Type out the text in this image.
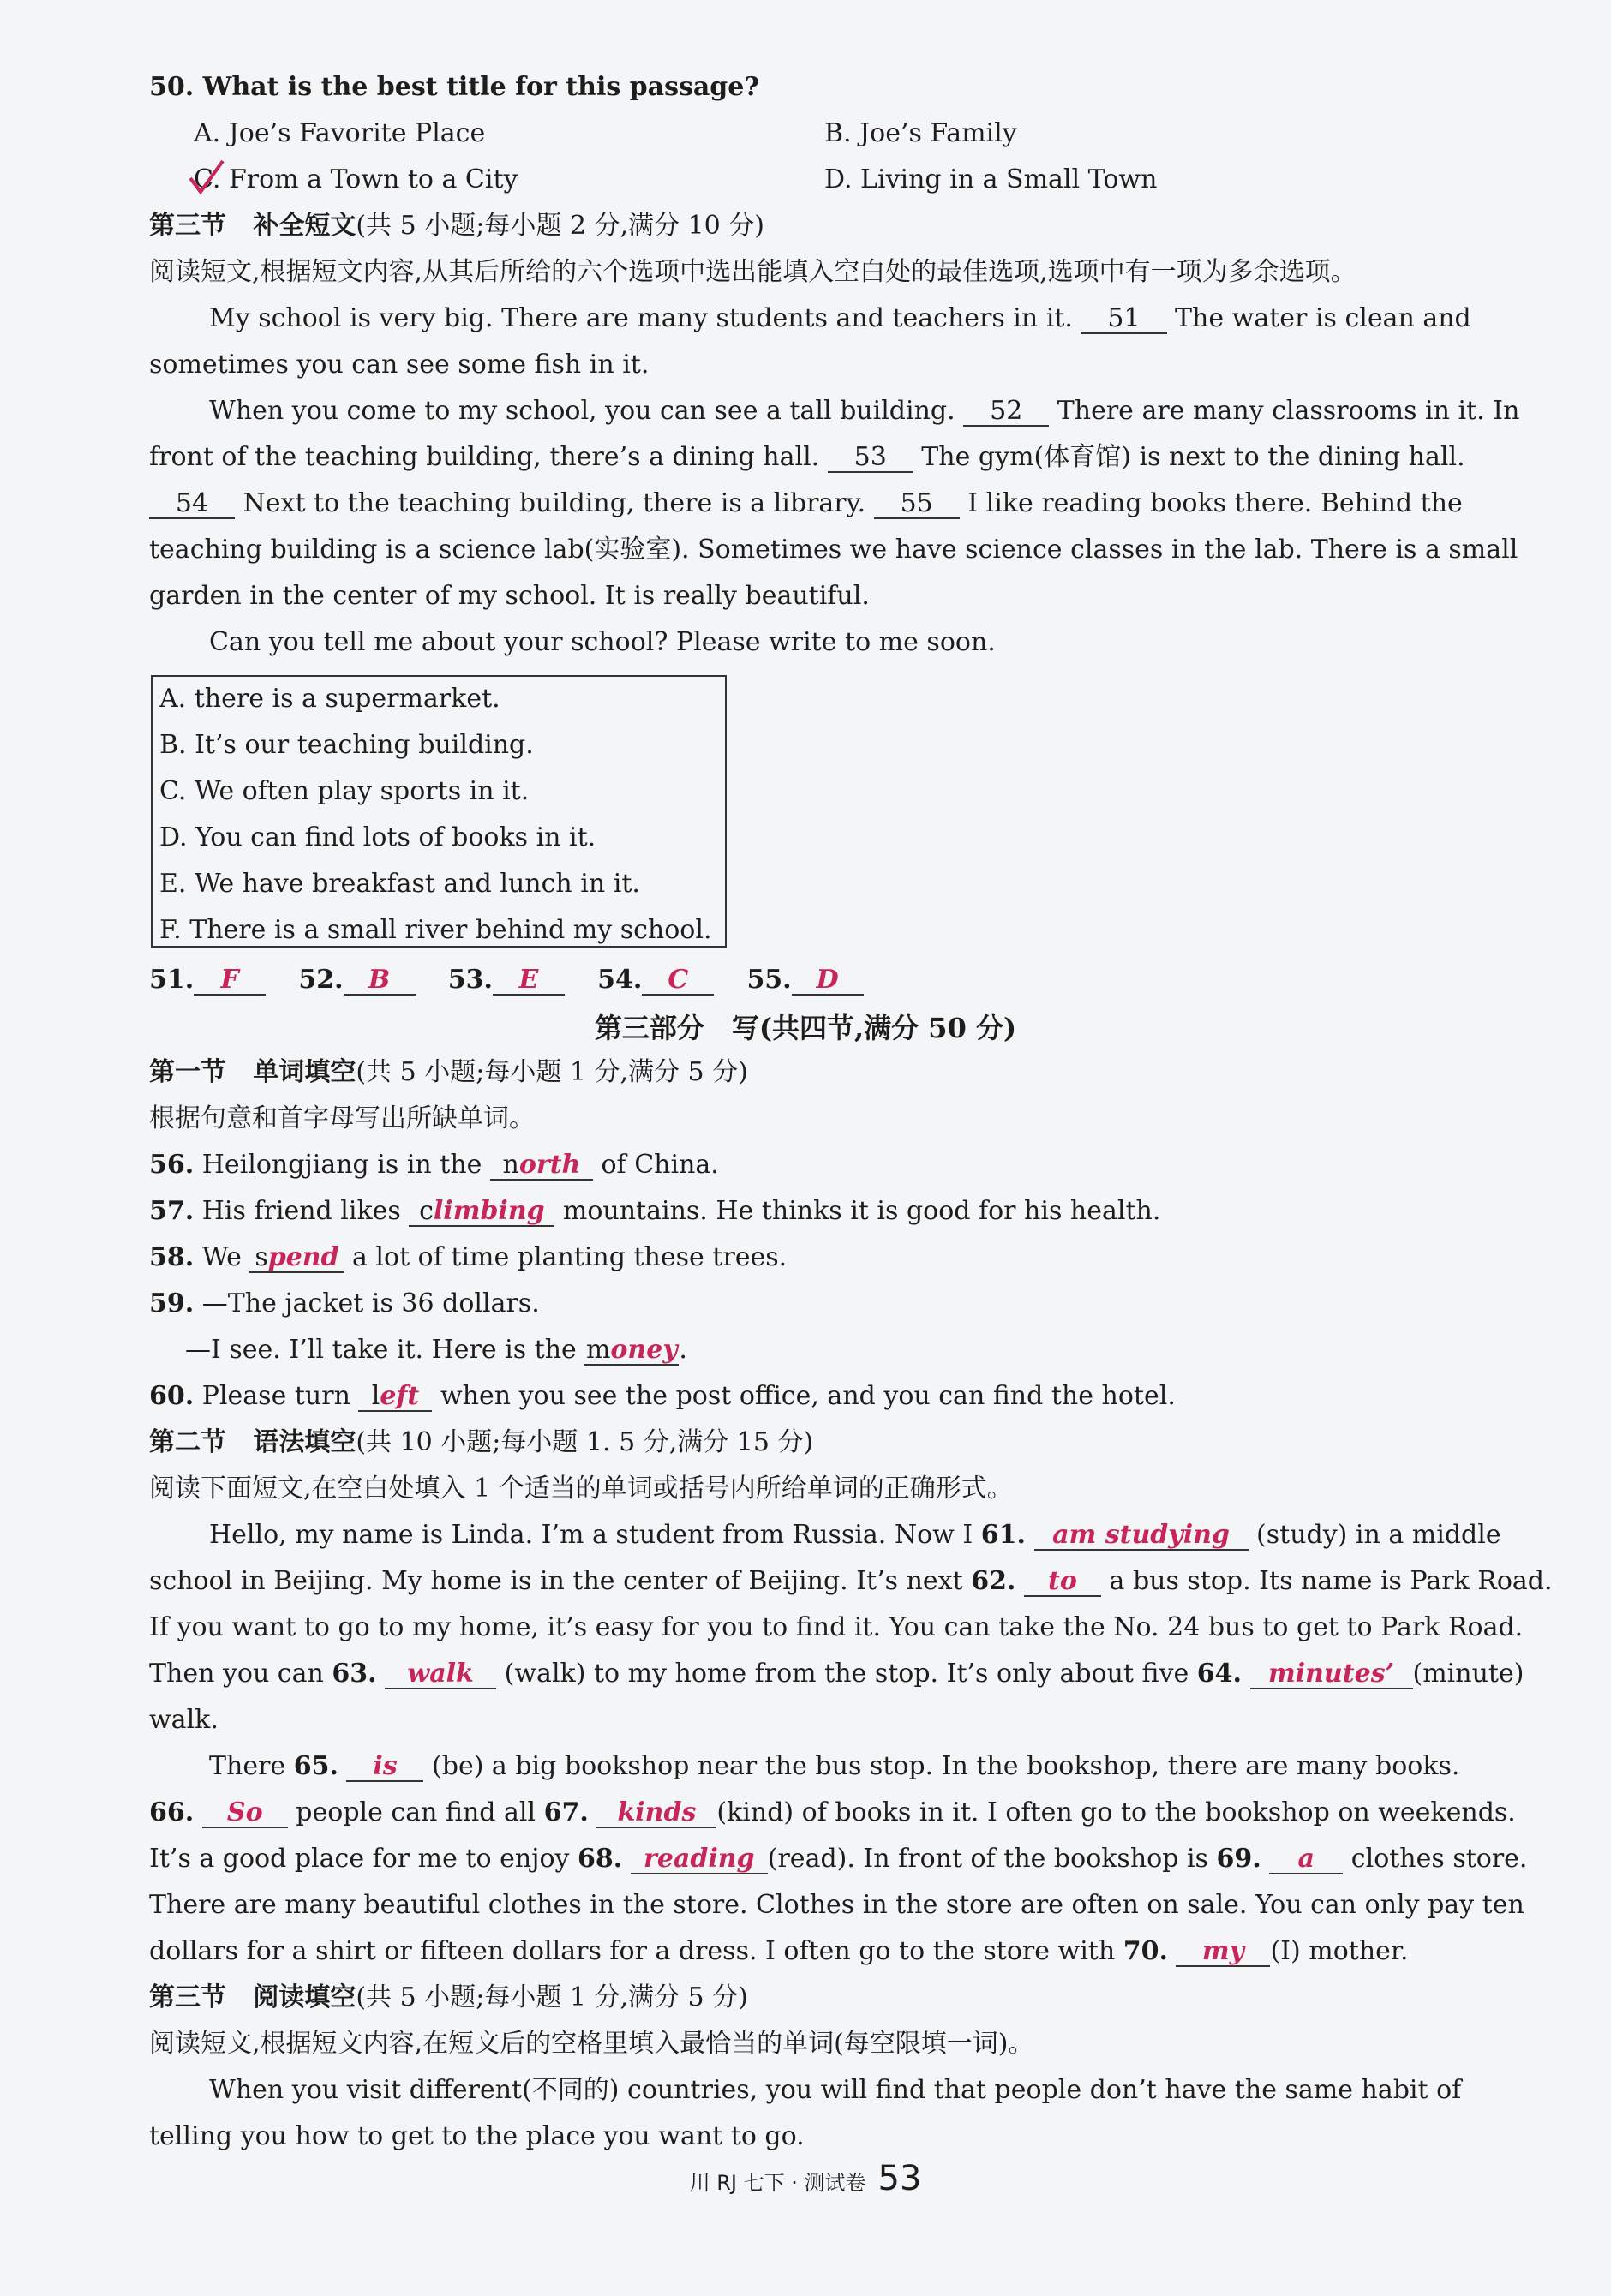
50. What is the best title for this passage?
A. Joe’s Favorite Place	B. Joe’s Family
C. From a Town to a City	D. Living in a Small Town
第三节 补全短文(共 5 小题;每小题 2 分,满分 10 分)
阅读短文,根据短文内容,从其后所给的六个选项中选出能填入空白处的最佳选项,选项中有一项为多余选项。
My school is very big. There are many students and teachers in it. 51 The water is clean and
sometimes you can see some fish in it.
When you come to my school, you can see a tall building. 52 There are many classrooms in it. In
front of the teaching building, there’s a dining hall. 53 The gym(体育馆) is next to the dining hall.
54 Next to the teaching building, there is a library. 55 I like reading books there. Behind the
teaching building is a science lab(实验室). Sometimes we have science classes in the lab. There is a small
garden in the center of my school. It is really beautiful.
Can you tell me about your school? Please write to me soon.
A. there is a supermarket.
B. It’s our teaching building.
C. We often play sports in it.
D. You can find lots of books in it.
E. We have breakfast and lunch in it.
F. There is a small river behind my school.
51. F 52. B 53. E 54. C 55. D
第三部分　写(共四节,满分 50 分)
第一节 单词填空(共 5 小题;每小题 1 分,满分 5 分)
根据句意和首字母写出所缺单词。
56. Heilongjiang is in the north of China.
57. His friend likes climbing mountains. He thinks it is good for his health.
58. We spend a lot of time planting these trees.
59. —The jacket is 36 dollars.
—I see. I’ll take it. Here is the money.
60. Please turn left when you see the post office, and you can find the hotel.
第二节 语法填空(共 10 小题;每小题 1. 5 分,满分 15 分)
阅读下面短文,在空白处填入 1 个适当的单词或括号内所给单词的正确形式。
Hello, my name is Linda. I’m a student from Russia. Now I 61. am studying (study) in a middle
school in Beijing. My home is in the center of Beijing. It’s next 62. to a bus stop. Its name is Park Road.
If you want to go to my home, it’s easy for you to find it. You can take the No. 24 bus to get to Park Road.
Then you can 63. walk (walk) to my home from the stop. It’s only about five 64. minutes’ (minute)
walk.
There 65. is (be) a big bookshop near the bus stop. In the bookshop, there are many books.
66. So people can find all 67. kinds (kind) of books in it. I often go to the bookshop on weekends.
It’s a good place for me to enjoy 68. reading (read). In front of the bookshop is 69. a clothes store.
There are many beautiful clothes in the store. Clothes in the store are often on sale. You can only pay ten
dollars for a shirt or fifteen dollars for a dress. I often go to the store with 70. my (I) mother.
第三节 阅读填空(共 5 小题;每小题 1 分,满分 5 分)
阅读短文,根据短文内容,在短文后的空格里填入最恰当的单词(每空限填一词)。
When you visit different(不同的) countries, you will find that people don’t have the same habit of
telling you how to get to the place you want to go.
川 RJ 七下 · 测试卷 53
